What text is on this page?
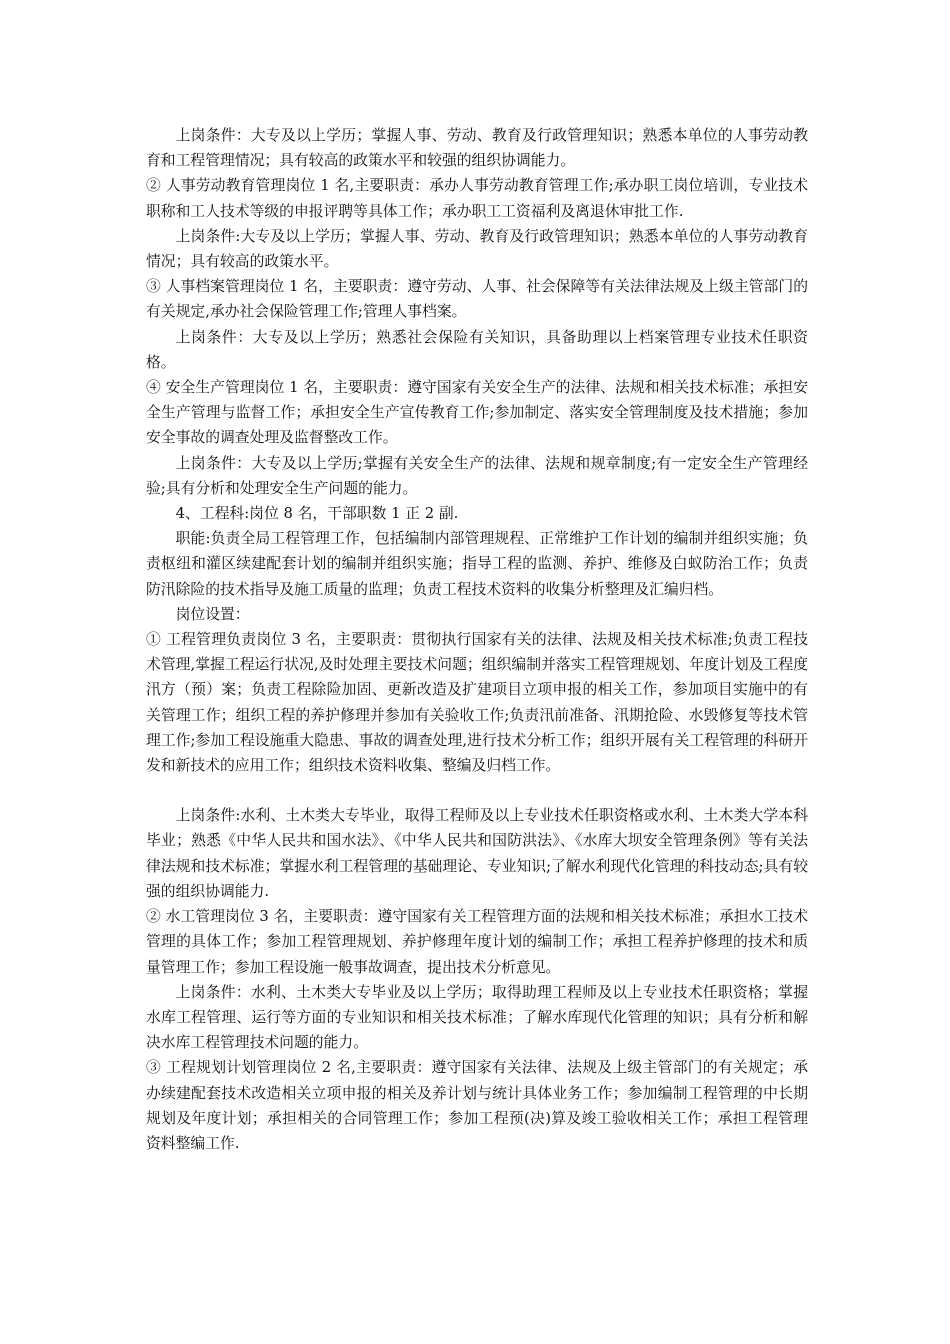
上岗条件：大专及以上学历；掌握人事、劳动、教育及行政管理知识；熟悉本单位的人事劳动教育和工程管理情况；具有较高的政策水平和较强的组织协调能力。

② 人事劳动教育管理岗位 1 名,主要职责：承办人事劳动教育管理工作;承办职工岗位培训，专业技术职称和工人技术等级的申报评聘等具体工作；承办职工工资福利及离退休审批工作.

上岗条件:大专及以上学历；掌握人事、劳动、教育及行政管理知识；熟悉本单位的人事劳动教育情况；具有较高的政策水平。

③ 人事档案管理岗位 1 名，主要职责：遵守劳动、人事、社会保障等有关法律法规及上级主管部门的有关规定,承办社会保险管理工作;管理人事档案。

上岗条件：大专及以上学历；熟悉社会保险有关知识，具备助理以上档案管理专业技术任职资格。

④ 安全生产管理岗位 1 名，主要职责：遵守国家有关安全生产的法律、法规和相关技术标准；承担安全生产管理与监督工作；承担安全生产宣传教育工作;参加制定、落实安全管理制度及技术措施；参加安全事故的调查处理及监督整改工作。

上岗条件：大专及以上学历;掌握有关安全生产的法律、法规和规章制度;有一定安全生产管理经验;具有分析和处理安全生产问题的能力。

4、工程科:岗位 8 名，干部职数 1 正 2 副.

职能:负责全局工程管理工作，包括编制内部管理规程、正常维护工作计划的编制并组织实施；负责枢纽和灌区续建配套计划的编制并组织实施；指导工程的监测、养护、维修及白蚁防治工作；负责防汛除险的技术指导及施工质量的监理；负责工程技术资料的收集分析整理及汇编归档。

岗位设置：

① 工程管理负责岗位 3 名，主要职责：贯彻执行国家有关的法律、法规及相关技术标准;负责工程技术管理,掌握工程运行状况,及时处理主要技术问题；组织编制并落实工程管理规划、年度计划及工程度汛方（预）案；负责工程除险加固、更新改造及扩建项目立项申报的相关工作，参加项目实施中的有关管理工作；组织工程的养护修理并参加有关验收工作;负责汛前准备、汛期抢险、水毁修复等技术管理工作;参加工程设施重大隐患、事故的调查处理,进行技术分析工作；组织开展有关工程管理的科研开发和新技术的应用工作；组织技术资料收集、整编及归档工作。

上岗条件:水利、土木类大专毕业，取得工程师及以上专业技术任职资格或水利、土木类大学本科毕业；熟悉《中华人民共和国水法》、《中华人民共和国防洪法》、《水库大坝安全管理条例》等有关法律法规和技术标准；掌握水利工程管理的基础理论、专业知识;了解水利现代化管理的科技动态;具有较强的组织协调能力.

② 水工管理岗位 3 名，主要职责：遵守国家有关工程管理方面的法规和相关技术标准；承担水工技术管理的具体工作；参加工程管理规划、养护修理年度计划的编制工作；承担工程养护修理的技术和质量管理工作；参加工程设施一般事故调查，提出技术分析意见。

上岗条件：水利、土木类大专毕业及以上学历；取得助理工程师及以上专业技术任职资格；掌握水库工程管理、运行等方面的专业知识和相关技术标准；了解水库现代化管理的知识；具有分析和解决水库工程管理技术问题的能力。

③ 工程规划计划管理岗位 2 名,主要职责：遵守国家有关法律、法规及上级主管部门的有关规定；承办续建配套技术改造相关立项申报的相关及养计划与统计具体业务工作；参加编制工程管理的中长期规划及年度计划；承担相关的合同管理工作；参加工程预(决)算及竣工验收相关工作；承担工程管理资料整编工作.
